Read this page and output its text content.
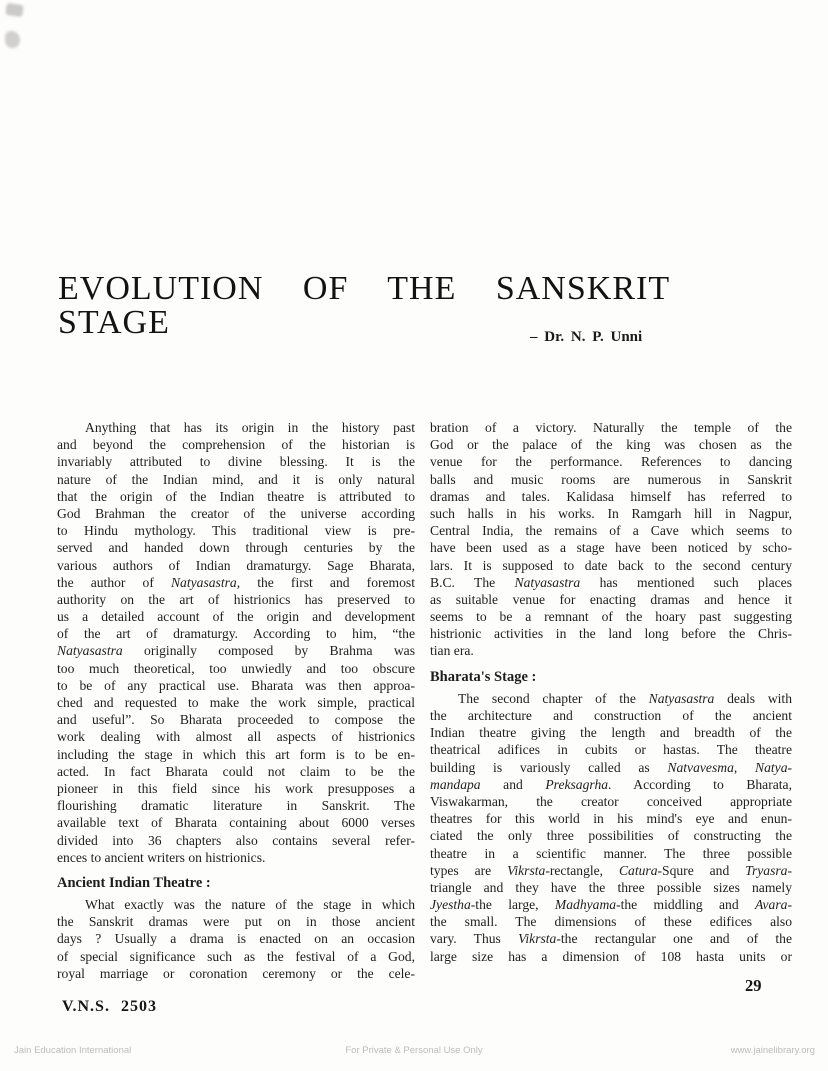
EVOLUTION OF THE SANSKRIT
STAGE	– Dr. N. P. Unni
Anything that has its origin in the history past
and beyond the comprehension of the historian is
invariably attributed to divine blessing. It is the
nature of the Indian mind, and it is only natural
that the origin of the Indian theatre is attributed to
God Brahman the creator of the universe according
to Hindu mythology. This traditional view is pre-
served and handed down through centuries by the
various authors of Indian dramaturgy. Sage Bharata,
the author of Natyasastra, the first and foremost
authority on the art of histrionics has preserved to
us a detailed account of the origin and development
of the art of dramaturgy. According to him, “the
Natyasastra originally composed by Brahma was
too much theoretical, too unwiedly and too obscure
to be of any practical use. Bharata was then approa-
ched and requested to make the work simple, practical
and useful”. So Bharata proceeded to compose the
work dealing with almost all aspects of histrionics
including the stage in which this art form is to be en-
acted. In fact Bharata could not claim to be the
pioneer in this field since his work presupposes a
flourishing dramatic literature in Sanskrit. The
available text of Bharata containing about 6000 verses
divided into 36 chapters also contains several refer-
ences to ancient writers on histrionics.
Ancient Indian Theatre :
What exactly was the nature of the stage in which
the Sanskrit dramas were put on in those ancient
days ? Usually a drama is enacted on an occasion
of special significance such as the festival of a God,
royal marriage or coronation ceremony or the cele-
bration of a victory. Naturally the temple of the
God or the palace of the king was chosen as the
venue for the performance. References to dancing
balls and music rooms are numerous in Sanskrit
dramas and tales. Kalidasa himself has referred to
such halls in his works. In Ramgarh hill in Nagpur,
Central India, the remains of a Cave which seems to
have been used as a stage have been noticed by scho-
lars. It is supposed to date back to the second century
B.C. The Natyasastra has mentioned such places
as suitable venue for enacting dramas and hence it
seems to be a remnant of the hoary past suggesting
histrionic activities in the land long before the Chris-
tian era.
Bharata's Stage :
The second chapter of the Natyasastra deals with
the architecture and construction of the ancient
Indian theatre giving the length and breadth of the
theatrical adifices in cubits or hastas. The theatre
building is variously called as Natvavesma, Natya-
mandapa and Preksagrha. According to Bharata,
Viswakarman, the creator conceived appropriate
theatres for this world in his mind's eye and enun-
ciated the only three possibilities of constructing the
theatre in a scientific manner. The three possible
types are Vikrsta-rectangle, Catura-Squre and Tryasra-
triangle and they have the three possible sizes namely
Jyestha-the large, Madhyama-the middling and Avara-
the small. The dimensions of these edifices also
vary. Thus Vikrsta-the rectangular one and of the
large size has a dimension of 108 hasta units or
V.N.S. 2503
29
Jain Education International	For Private & Personal Use Only	www.jainelibrary.org
